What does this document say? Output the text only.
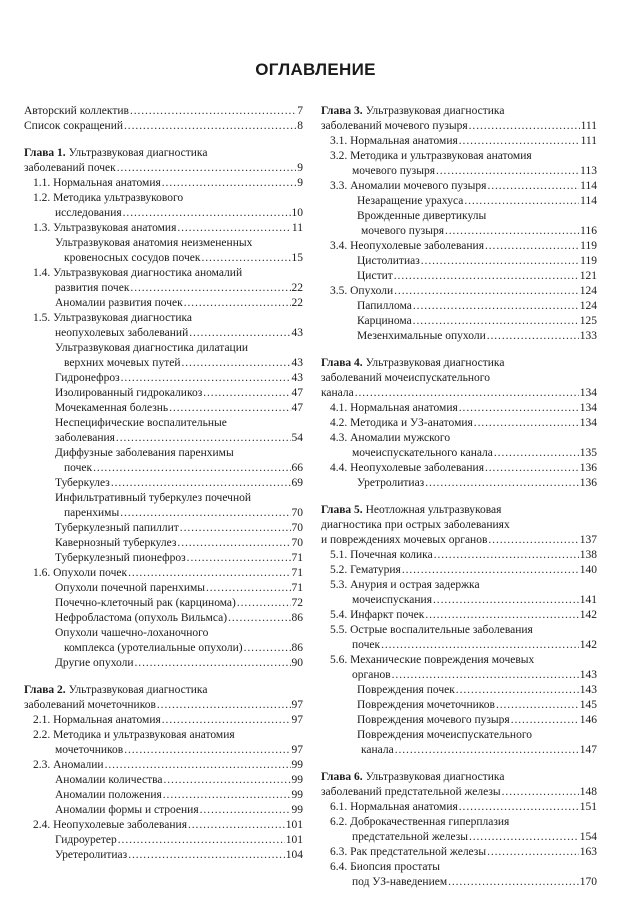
ОГЛАВЛЕНИЕ
Авторский коллектив .....	7
Список сокращений .....	8
Глава 1. Ультразвуковая диагностика
заболеваний почек .....	9
1.1. Нормальная анатомия .....	9
1.2. Методика ультразвукового
исследования .....	10
1.3. Ультразвуковая анатомия .....	11
Ультразвуковая анатомия неизмененных
кровеносных сосудов почек .....	15
1.4. Ультразвуковая диагностика аномалий
развития почек .....	22
Аномалии развития почек .....	22
1.5. Ультразвуковая диагностика
неопухолевых заболеваний .....	43
Ультразвуковая диагностика дилатации
верхних мочевых путей .....	43
Гидронефроз .....	43
Изолированный гидрокаликоз .....	47
Мочекаменная болезнь .....	47
Неспецифические воспалительные
заболевания .....	54
Диффузные заболевания паренхимы
почек .....	66
Туберкулез .....	69
Инфильтративный туберкулез почечной
паренхимы .....	70
Туберкулезный папиллит .....	70
Кавернозный туберкулез .....	70
Туберкулезный пионефроз .....	71
1.6. Опухоли почек .....	71
Опухоли почечной паренхимы .....	71
Почечно-клеточный рак (карцинома) .....	72
Нефробластома (опухоль Вильмса) .....	86
Опухоли чашечно-лоханочного
комплекса (уротелиальные опухоли) .....	86
Другие опухоли .....	90
Глава 2. Ультразвуковая диагностика
заболеваний мочеточников .....	97
2.1. Нормальная анатомия .....	97
2.2. Методика и ультразвуковая анатомия
мочеточников .....	97
2.3. Аномалии .....	99
Аномалии количества .....	99
Аномалии положения .....	99
Аномалии формы и строения .....	99
2.4. Неопухолевые заболевания .....	101
Гидроуретер .....	101
Уретеролитиаз .....	104
Глава 3. Ультразвуковая диагностика
заболеваний мочевого пузыря .....	111
3.1. Нормальная анатомия .....	111
3.2. Методика и ультразвуковая анатомия
мочевого пузыря .....	113
3.3. Аномалии мочевого пузыря .....	114
Незаращение урахуса .....	114
Врожденные дивертикулы
мочевого пузыря .....	116
3.4. Неопухолевые заболевания .....	119
Цистолитиаз .....	119
Цистит .....	121
3.5. Опухоли .....	124
Папиллома .....	124
Карцинома .....	125
Мезенхимальные опухоли .....	133
Глава 4. Ультразвуковая диагностика
заболеваний мочеиспускательного
канала .....	134
4.1. Нормальная анатомия .....	134
4.2. Методика и УЗ-анатомия .....	134
4.3. Аномалии мужского
мочеиспускательного канала .....	135
4.4. Неопухолевые заболевания .....	136
Уретролитиаз .....	136
Глава 5. Неотложная ультразвуковая
диагностика при острых заболеваниях
и повреждениях мочевых органов .....	137
5.1. Почечная колика .....	138
5.2. Гематурия .....	140
5.3. Анурия и острая задержка
мочеиспускания .....	141
5.4. Инфаркт почек .....	142
5.5. Острые воспалительные заболевания
почек .....	142
5.6. Механические повреждения мочевых
органов .....	143
Повреждения почек .....	143
Повреждения мочеточников .....	145
Повреждения мочевого пузыря .....	146
Повреждения мочеиспускательного
канала .....	147
Глава 6. Ультразвуковая диагностика
заболеваний предстательной железы .....	148
6.1. Нормальная анатомия .....	151
6.2. Доброкачественная гиперплазия
предстательной железы .....	154
6.3. Рак предстательной железы .....	163
6.4. Биопсия простаты
под УЗ-наведением .....	170
